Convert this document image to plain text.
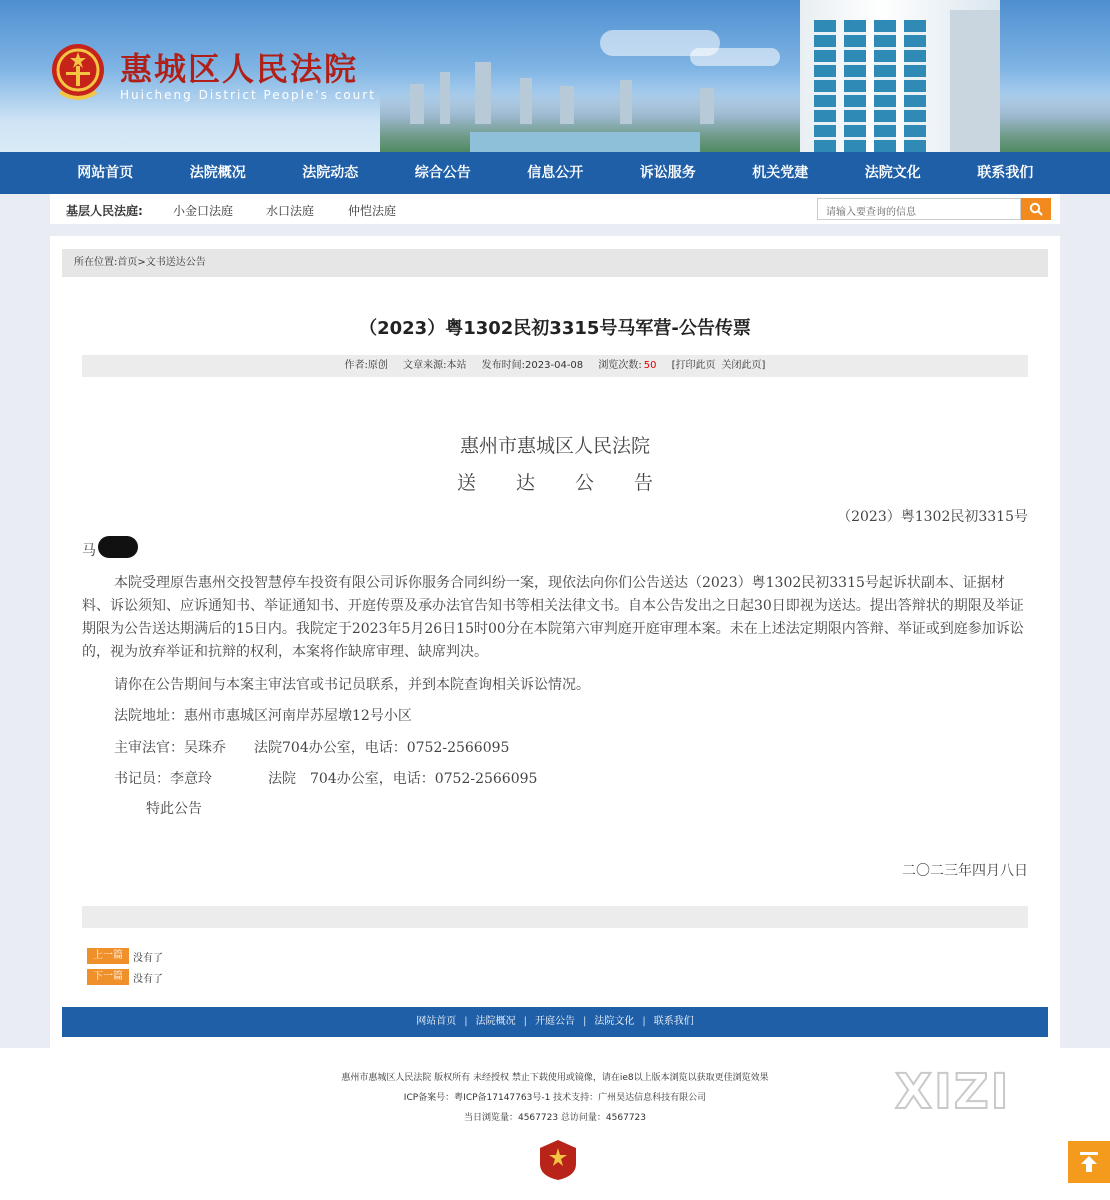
惠城区人民法院
Huicheng District People's court
网站首页	法院概况	法院动态	综合公告	信息公开	诉讼服务	机关党建	法院文化	联系我们
基层人民法庭:	小金口法庭	水口法庭	仲恺法庭	请输入要查询的信息
所在位置:首页>文书送达公告
（2023）粤1302民初3315号马军营-公告传票
作者:原创 文章来源:本站 发布时间:2023-04-08 浏览次数: 50 [打印此页 关闭此页]
惠州市惠城区人民法院
送达公告
（2023）粤1302民初3315号
马
本院受理原告惠州交投智慧停车投资有限公司诉你服务合同纠纷一案，现依法向你们公告送达（2023）粤1302民初3315号起诉状副本、证据材料、诉讼须知、应诉通知书、举证通知书、开庭传票及承办法官告知书等相关法律文书。自本公告发出之日起30日即视为送达。提出答辩状的期限及举证期限为公告送达期满后的15日内。我院定于2023年5月26日15时00分在本院第六审判庭开庭审理本案。未在上述法定期限内答辩、举证或到庭参加诉讼的，视为放弃举证和抗辩的权利，本案将作缺席审理、缺席判决。
请你在公告期间与本案主审法官或书记员联系，并到本院查询相关诉讼情况。
法院地址：惠州市惠城区河南岸苏屋墩12号小区
主审法官：吴珠乔　　法院704办公室，电话：0752-2566095
书记员：李意玲　　　　法院　704办公室，电话：0752-2566095
特此公告
二〇二三年四月八日
上一篇	没有了
下一篇	没有了
网站首页 | 法院概况 | 开庭公告 | 法院文化 | 联系我们
惠州市惠城区人民法院 版权所有 未经授权 禁止下载使用或镜像，请在ie8以上版本浏览以获取更佳浏览效果
ICP备案号：粤ICP备17147763号-1 技术支持：广州昊达信息科技有限公司
当日浏览量：4567723 总访问量：4567723	XIZI
